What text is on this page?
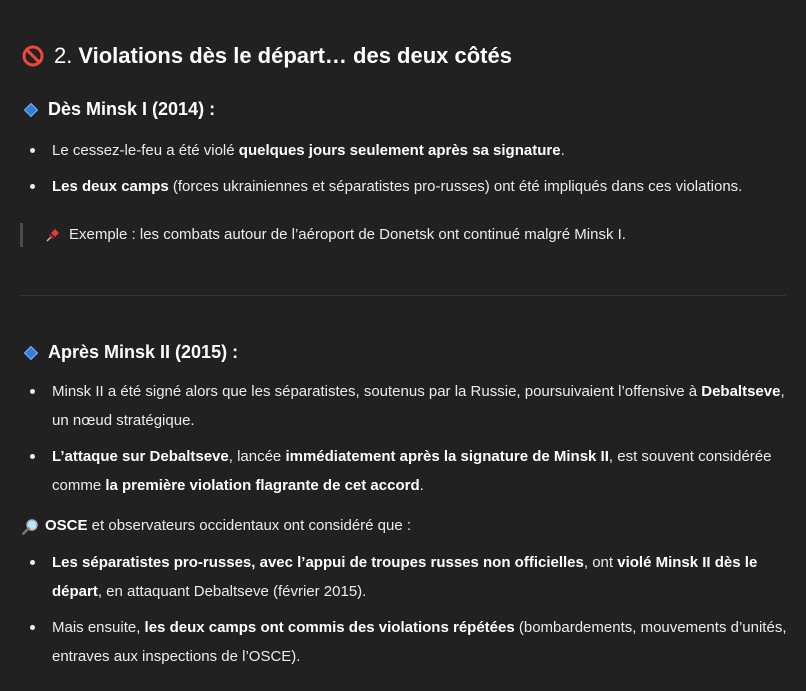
2. Violations dès le départ… des deux côtés
Dès Minsk I (2014) :
Le cessez-le-feu a été violé quelques jours seulement après sa signature.
Les deux camps (forces ukrainiennes et séparatistes pro-russes) ont été impliqués dans ces violations.
Exemple : les combats autour de l’aéroport de Donetsk ont continué malgré Minsk I.
Après Minsk II (2015) :
Minsk II a été signé alors que les séparatistes, soutenus par la Russie, poursuivaient l’offensive à Debaltseve, un nœud stratégique.
L’attaque sur Debaltseve, lancée immédiatement après la signature de Minsk II, est souvent considérée comme la première violation flagrante de cet accord.
OSCE et observateurs occidentaux ont considéré que :
Les séparatistes pro-russes, avec l’appui de troupes russes non officielles, ont violé Minsk II dès le départ, en attaquant Debaltseve (février 2015).
Mais ensuite, les deux camps ont commis des violations répétées (bombardements, mouvements d’unités, entraves aux inspections de l’OSCE).
